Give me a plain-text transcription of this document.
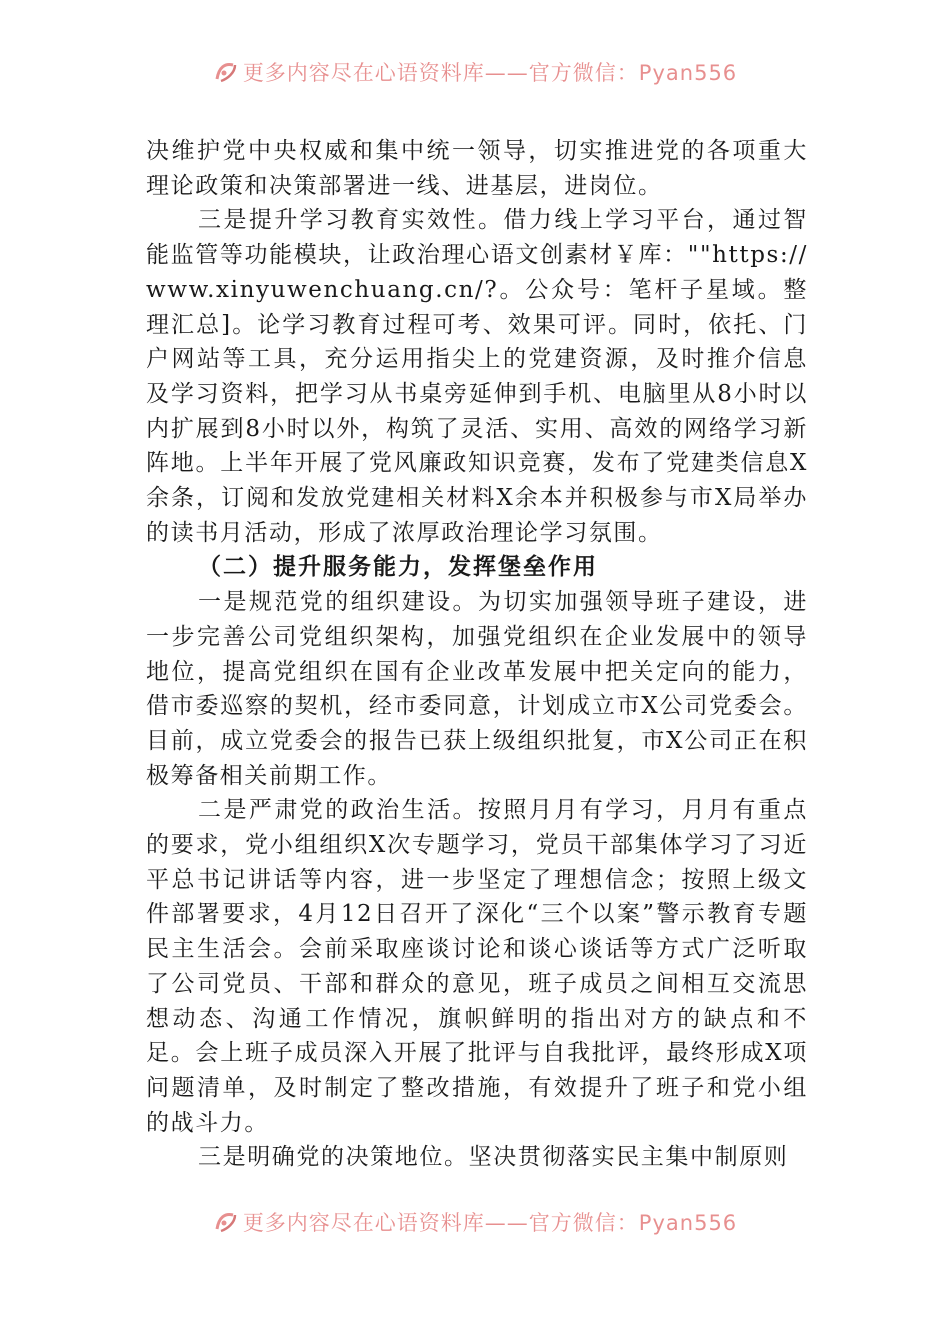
更多内容尽在心语资料库——官方微信：Pyan556

决维护党中央权威和集中统一领导，切实推进党的各项重大理论政策和决策部署进一线、进基层，进岗位。

三是提升学习教育实效性。借力线上学习平台，通过智能监管等功能模块，让政治理心语文创素材￥库：""https://www.xinyuwenchuang.cn/?。公众号：笔杆子星域。整理汇总]。论学习教育过程可考、效果可评。同时，依托、门户网站等工具，充分运用指尖上的党建资源，及时推介信息及学习资料，把学习从书桌旁延伸到手机、电脑里从8小时以内扩展到8小时以外，构筑了灵活、实用、高效的网络学习新阵地。上半年开展了党风廉政知识竞赛，发布了党建类信息X余条，订阅和发放党建相关材料X余本并积极参与市X局举办的读书月活动，形成了浓厚政治理论学习氛围。

（二）提升服务能力，发挥堡垒作用

一是规范党的组织建设。为切实加强领导班子建设，进一步完善公司党组织架构，加强党组织在企业发展中的领导地位，提高党组织在国有企业改革发展中把关定向的能力，借市委巡察的契机，经市委同意，计划成立市X公司党委会。目前，成立党委会的报告已获上级组织批复，市X公司正在积极筹备相关前期工作。

二是严肃党的政治生活。按照月月有学习，月月有重点的要求，党小组组织X次专题学习，党员干部集体学习了习近平总书记讲话等内容，进一步坚定了理想信念；按照上级文件部署要求，4月12日召开了深化“三个以案”警示教育专题民主生活会。会前采取座谈讨论和谈心谈话等方式广泛听取了公司党员、干部和群众的意见，班子成员之间相互交流思想动态、沟通工作情况，旗帜鲜明的指出对方的缺点和不足。会上班子成员深入开展了批评与自我批评，最终形成X项问题清单，及时制定了整改措施，有效提升了班子和党小组的战斗力。

三是明确党的决策地位。坚决贯彻落实民主集中制原则

更多内容尽在心语资料库——官方微信：Pyan556
